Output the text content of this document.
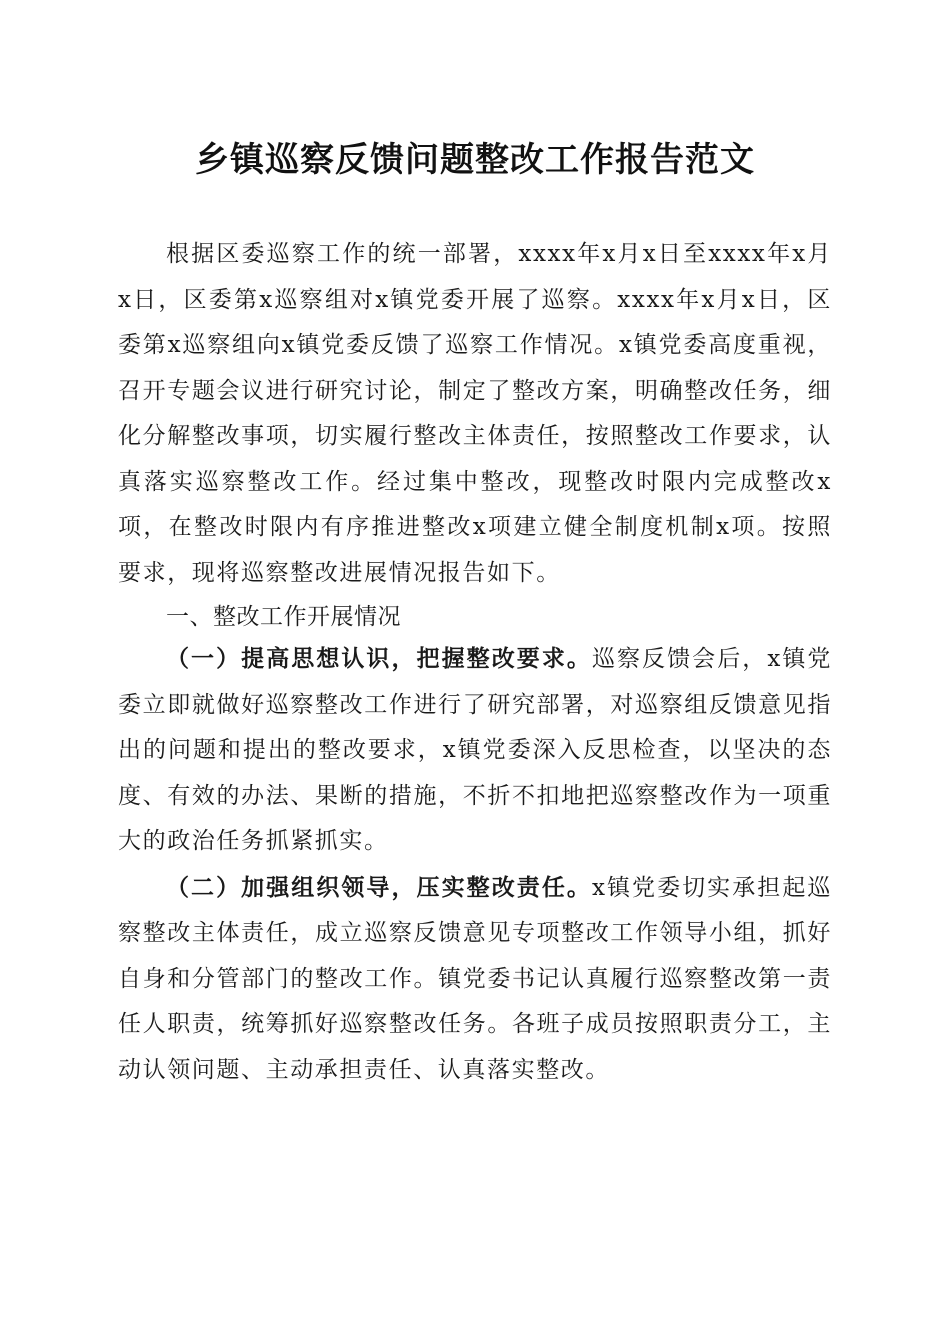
乡镇巡察反馈问题整改工作报告范文

根据区委巡察工作的统一部署，xxxx年x月x日至xxxx年x月x日，区委第x巡察组对x镇党委开展了巡察。xxxx年x月x日，区委第x巡察组向x镇党委反馈了巡察工作情况。x镇党委高度重视，召开专题会议进行研究讨论，制定了整改方案，明确整改任务，细化分解整改事项，切实履行整改主体责任，按照整改工作要求，认真落实巡察整改工作。经过集中整改，现整改时限内完成整改x项，在整改时限内有序推进整改x项建立健全制度机制x项。按照要求，现将巡察整改进展情况报告如下。

一、整改工作开展情况

（一）提高思想认识，把握整改要求。巡察反馈会后，x镇党委立即就做好巡察整改工作进行了研究部署，对巡察组反馈意见指出的问题和提出的整改要求，x镇党委深入反思检查，以坚决的态度、有效的办法、果断的措施，不折不扣地把巡察整改作为一项重大的政治任务抓紧抓实。

（二）加强组织领导，压实整改责任。x镇党委切实承担起巡察整改主体责任，成立巡察反馈意见专项整改工作领导小组，抓好自身和分管部门的整改工作。镇党委书记认真履行巡察整改第一责任人职责，统筹抓好巡察整改任务。各班子成员按照职责分工，主动认领问题、主动承担责任、认真落实整改。
